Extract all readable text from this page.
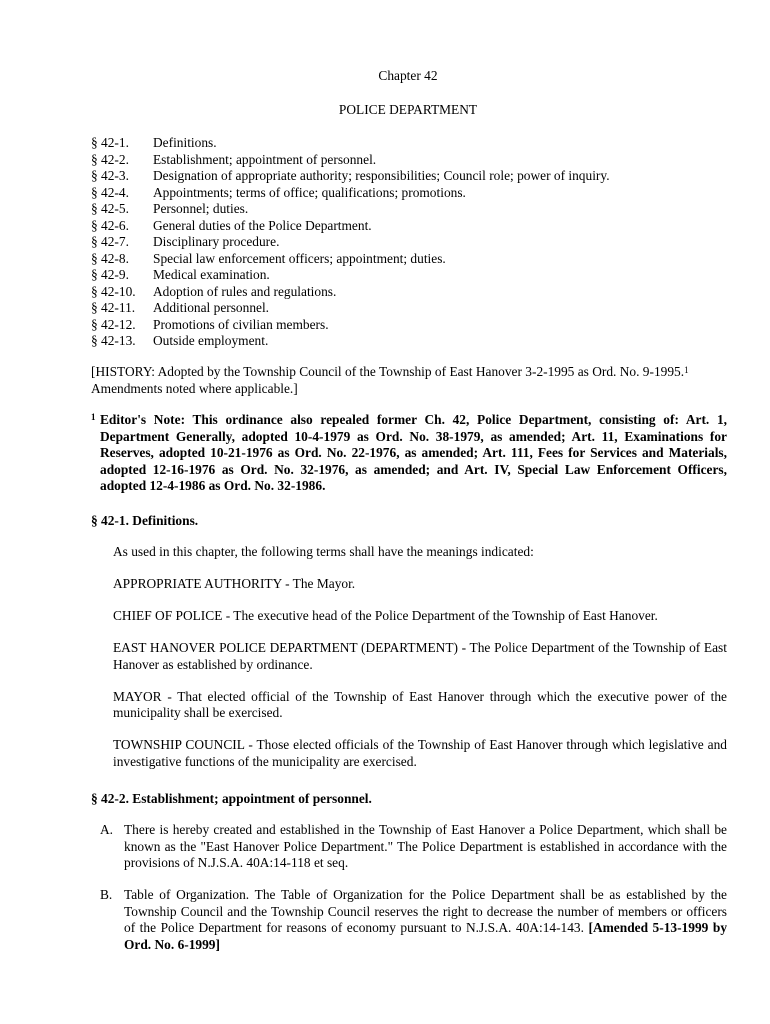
Chapter 42
POLICE DEPARTMENT
§ 42-1.	Definitions.
§ 42-2.	Establishment; appointment of personnel.
§ 42-3.	Designation of appropriate authority; responsibilities; Council role; power of inquiry.
§ 42-4.	Appointments; terms of office; qualifications; promotions.
§ 42-5.	Personnel; duties.
§ 42-6.	General duties of the Police Department.
§ 42-7.	Disciplinary procedure.
§ 42-8.	Special law enforcement officers; appointment; duties.
§ 42-9.	Medical examination.
§ 42-10.	Adoption of rules and regulations.
§ 42-11.	Additional personnel.
§ 42-12.	Promotions of civilian members.
§ 42-13.	Outside employment.
[HISTORY: Adopted by the Township Council of the Township of East Hanover 3-2-1995 as Ord. No. 9-1995.$^1$
Amendments noted where applicable.]
1 Editor's Note: This ordinance also repealed former Ch. 42, Police Department, consisting of: Art. 1, Department Generally, adopted 10-4-1979 as Ord. No. 38-1979, as amended; Art. 11, Examinations for Reserves, adopted 10-21-1976 as Ord. No. 22-1976, as amended; Art. 111, Fees for Services and Materials, adopted 12-16-1976 as Ord. No. 32-1976, as amended; and Art. IV, Special Law Enforcement Officers, adopted 12-4-1986 as Ord. No. 32-1986.
§ 42-1. Definitions.

As used in this chapter, the following terms shall have the meanings indicated:

APPROPRIATE AUTHORITY - The Mayor.

CHIEF OF POLICE - The executive head of the Police Department of the Township of East Hanover.

EAST HANOVER POLICE DEPARTMENT (DEPARTMENT) - The Police Department of the Township of East Hanover as established by ordinance.

MAYOR - That elected official of the Township of East Hanover through which the executive power of the municipality shall be exercised.

TOWNSHIP COUNCIL - Those elected officials of the Township of East Hanover through which legislative and investigative functions of the municipality are exercised.

§ 42-2. Establishment; appointment of personnel.
A. There is hereby created and established in the Township of East Hanover a Police Department, which shall be known as the "East Hanover Police Department." The Police Department is established in accordance with the provisions of N.J.S.A. 40A:14-118 et seq.
B. Table of Organization. The Table of Organization for the Police Department shall be as established by the Township Council and the Township Council reserves the right to decrease the number of members or officers of the Police Department for reasons of economy pursuant to N.J.S.A. 40A:14-143. [Amended 5-13-1999 by Ord. No. 6-1999]
